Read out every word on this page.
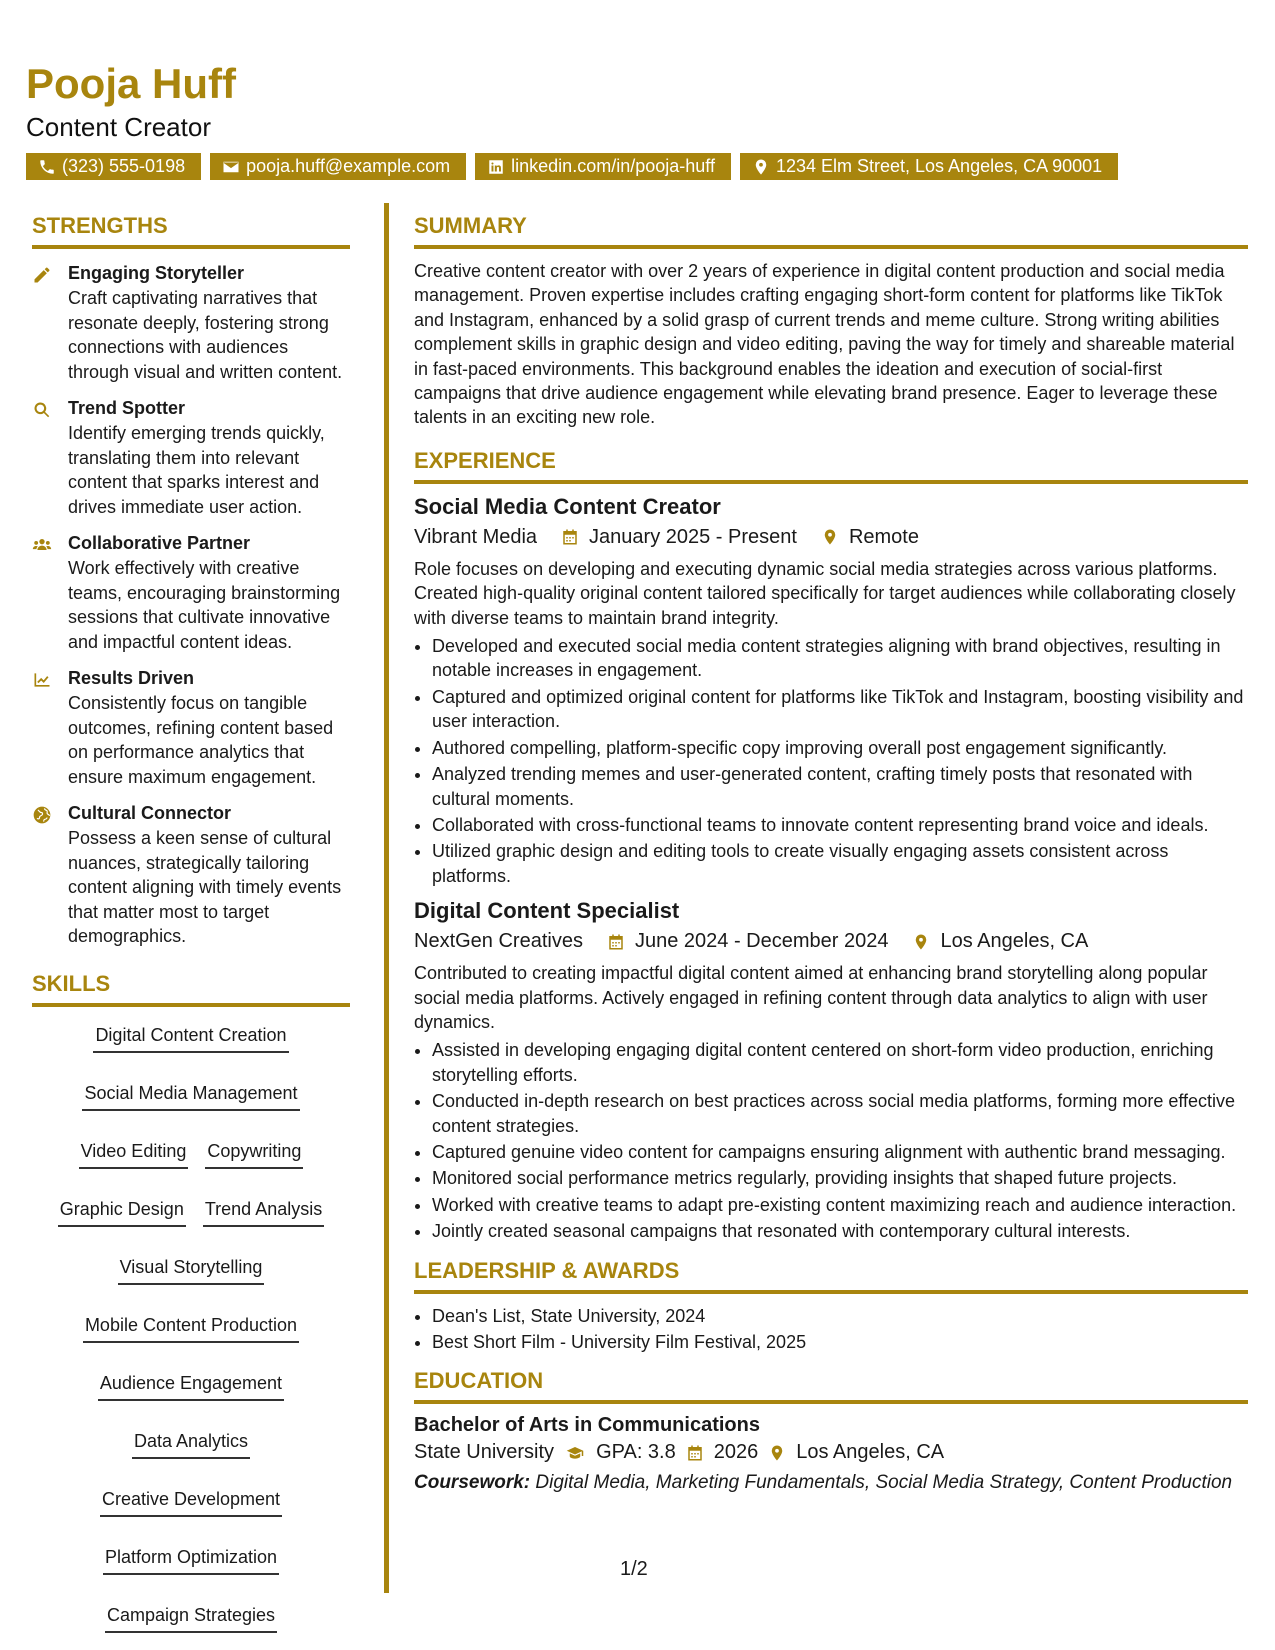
Pooja Huff
Content Creator
(323) 555-0198	pooja.huff@example.com	linkedin.com/in/pooja-huff	1234 Elm Street, Los Angeles, CA 90001
STRENGTHS
Engaging Storyteller
Craft captivating narratives that resonate deeply, fostering strong connections with audiences through visual and written content.
Trend Spotter
Identify emerging trends quickly, translating them into relevant content that sparks interest and drives immediate user action.
Collaborative Partner
Work effectively with creative teams, encouraging brainstorming sessions that cultivate innovative and impactful content ideas.
Results Driven
Consistently focus on tangible outcomes, refining content based on performance analytics that ensure maximum engagement.
Cultural Connector
Possess a keen sense of cultural nuances, strategically tailoring content aligning with timely events that matter most to target demographics.
SKILLS
Digital Content Creation
Social Media Management
Video Editing Copywriting
Graphic Design Trend Analysis
Visual Storytelling
Mobile Content Production
Audience Engagement
Data Analytics
Creative Development
Platform Optimization
Campaign Strategies
SUMMARY
Creative content creator with over 2 years of experience in digital content production and social media management. Proven expertise includes crafting engaging short-form content for platforms like TikTok and Instagram, enhanced by a solid grasp of current trends and meme culture. Strong writing abilities complement skills in graphic design and video editing, paving the way for timely and shareable material in fast-paced environments. This background enables the ideation and execution of social-first campaigns that drive audience engagement while elevating brand presence. Eager to leverage these talents in an exciting new role.
EXPERIENCE
Social Media Content Creator
Vibrant Media	January 2025 - Present	Remote
Role focuses on developing and executing dynamic social media strategies across various platforms. Created high-quality original content tailored specifically for target audiences while collaborating closely with diverse teams to maintain brand integrity.
• Developed and executed social media content strategies aligning with brand objectives, resulting in notable increases in engagement.
• Captured and optimized original content for platforms like TikTok and Instagram, boosting visibility and user interaction.
• Authored compelling, platform-specific copy improving overall post engagement significantly.
• Analyzed trending memes and user-generated content, crafting timely posts that resonated with cultural moments.
• Collaborated with cross-functional teams to innovate content representing brand voice and ideals.
• Utilized graphic design and editing tools to create visually engaging assets consistent across platforms.
Digital Content Specialist
NextGen Creatives	June 2024 - December 2024	Los Angeles, CA
Contributed to creating impactful digital content aimed at enhancing brand storytelling along popular social media platforms. Actively engaged in refining content through data analytics to align with user dynamics.
• Assisted in developing engaging digital content centered on short-form video production, enriching storytelling efforts.
• Conducted in-depth research on best practices across social media platforms, forming more effective content strategies.
• Captured genuine video content for campaigns ensuring alignment with authentic brand messaging.
• Monitored social performance metrics regularly, providing insights that shaped future projects.
• Worked with creative teams to adapt pre-existing content maximizing reach and audience interaction.
• Jointly created seasonal campaigns that resonated with contemporary cultural interests.
LEADERSHIP & AWARDS
• Dean's List, State University, 2024
• Best Short Film - University Film Festival, 2025
EDUCATION
Bachelor of Arts in Communications
State University GPA: 3.8 2026 Los Angeles, CA
Coursework: Digital Media, Marketing Fundamentals, Social Media Strategy, Content Production
1/2
